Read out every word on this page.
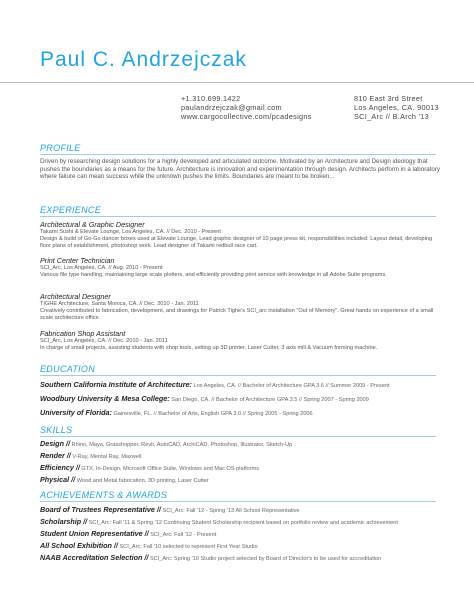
Paul C. Andrzejczak
+1.310.699.1422
paulandrzejczak@gmail.com
www.cargocollective.com/pcadesigns
810 East 3rd Street
Los Angeles, CA. 90013
SCI_Arc // B.Arch '13
PROFILE
Driven by researching design solutions for a highly developed and articulated outcome. Motivated by an Architecture and Design ideology that pushes the boundaries as a means for the future. Architecture is innovation and experimentation through design. Architects perform in a laboratory where failure can mean success while the unknown pushes the limits. Boundaries are meant to be broken...
EXPERIENCE
Architectural & Graphic Designer
Takami Sushi & Elevate Lounge, Los Angeles, CA. // Dec. 2010 - Present
Design & build of Go-Go dancer boxes used at Elevate Lounge, Lead graphic designer of 10 page press kit, responsibilities included: Layout detail, developing floor plans of establishment, photoshop work. Lead designer of Takami redbull race cart.
Print Center Technician
SCI_Arc, Los Angeles, CA. // Aug. 2010 - Present
Various file type handling, maintaining large scale plotters, and efficiently providing print service with knowledge in all Adobe Suite programs.
Architectural Designer
TIGHE Architecture, Santa Monica, CA. // Dec. 2010 - Jan. 2011
Creatively contributed to fabrication, development, and drawings for Patrick Tighe's SCI_arc installation "Out of Memory". Great hands on experience of a small scale architecture office.
Fabrication Shop Assistant
SCI_Arc, Los Angeles, CA. // Dec. 2010 - Jan. 2011
In charge of small projects, assisting students with shop tools, setting up 3D printer, Laser Cutter, 3 axis mill & Vacuum forming machine.
EDUCATION
Southern California Institute of Architecture: Los Angeles, CA. // Bachelor of Architecture GPA 3.6 // Summer 2009 - Present
Woodbury University & Mesa College: San Diego, CA. // Bachelor of Architecture GPA 3.5 // Spring 2007 - Spring 2009
University of Florida: Gainesville, FL. // Bachelor of Arts, English GPA 3.0 // Spring 2005 - Spring 2006
SKILLS
Design // Rhino, Maya, Grasshopper, Revit, AutoCAD, ArchiCAD, Photoshop, Illustrator, Sketch-Up
Render // V-Ray, Mental Ray, Maxwell
Efficiency // GTX, In-Design, Microsoft Office Suite, Windows and Mac OS platforms
Physical // Wood and Metal fabrication, 3D printing, Laser Cutter
ACHIEVEMENTS & AWARDS
Board of Trustees Representative // SCI_Arc: Fall '12 - Spring '13 All School Representative
Scholarship // SCI_Arc: Fall '11 & Spring '12 Continuing Student Scholarship recipient based on portfolio review and academic achievement
Student Union Representative // SCI_Arc: Fall '12 - Present
All School Exhibition // SCI_Arc: Fall '10 selected to represent First Year Studio
NAAB Accreditation Selection // SCI_Arc: Spring '10 Studio project selected by Board of Director's to be used for accreditation
